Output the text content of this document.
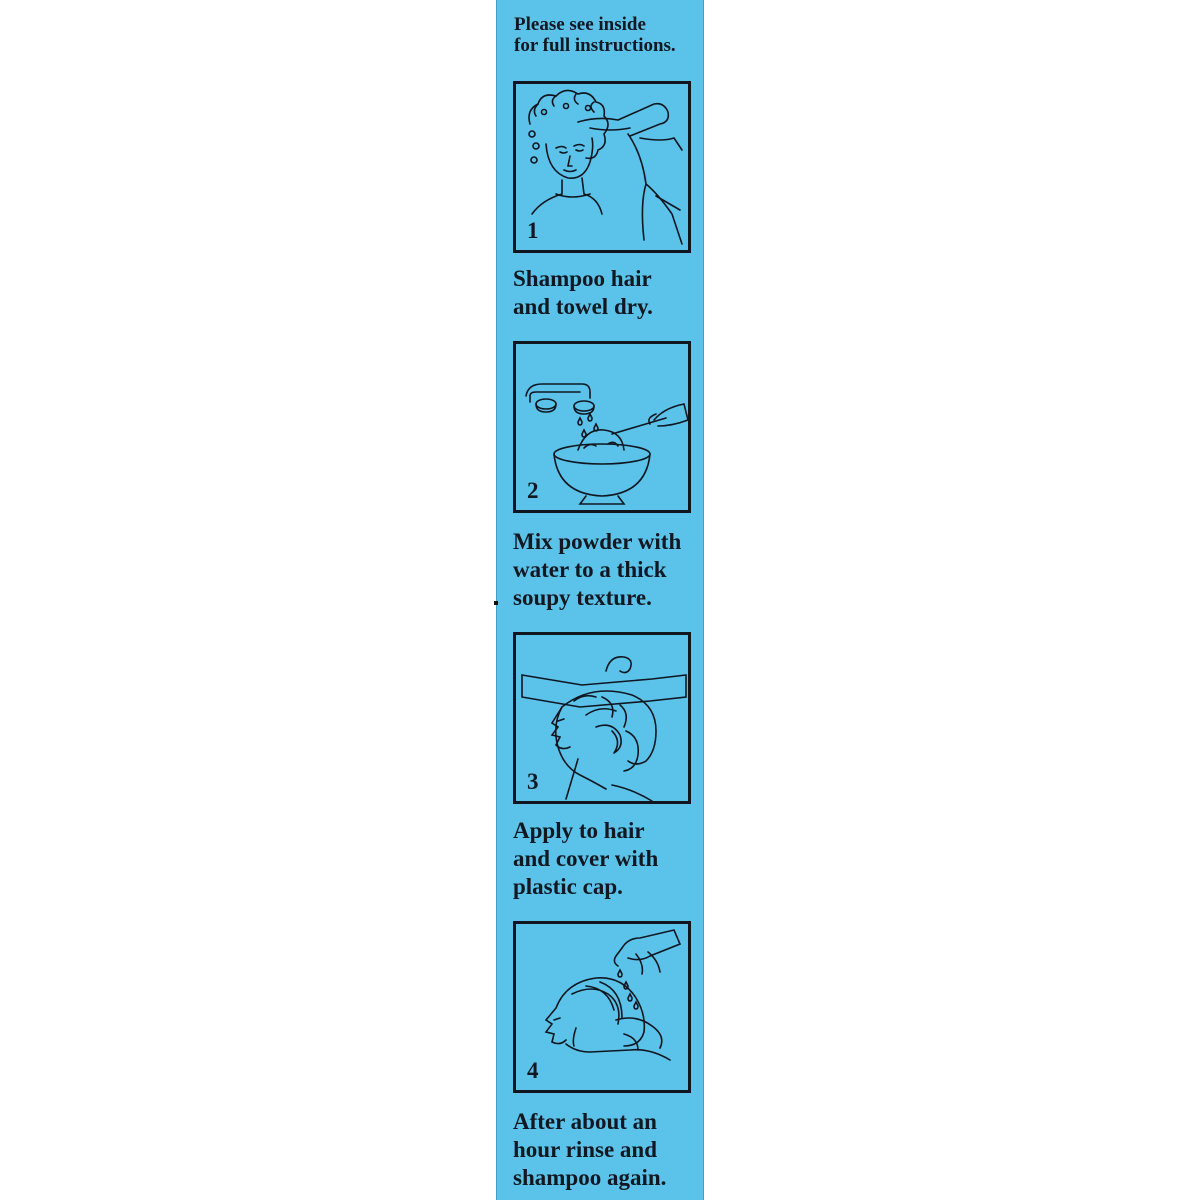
Please see inside
for full instructions.
1
Shampoo hair
and towel dry.
2
Mix powder with
water to a thick
soupy texture.
3
Apply to hair
and cover with
plastic cap.
4
After about an
hour rinse and
shampoo again.
